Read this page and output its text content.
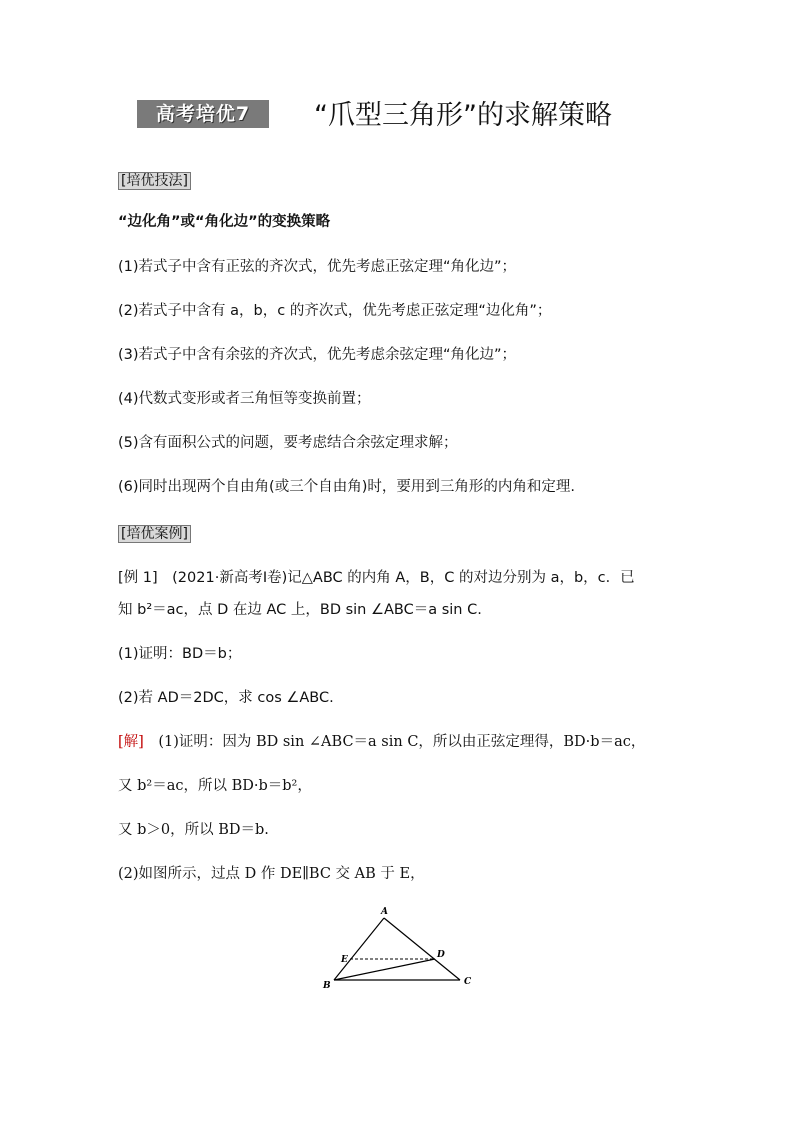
高考培优7	“爪型三角形”的求解策略
[培优技法]
“边化角”或“角化边”的变换策略
(1)若式子中含有正弦的齐次式，优先考虑正弦定理“角化边”；
(2)若式子中含有 a，b，c 的齐次式，优先考虑正弦定理“边化角”；
(3)若式子中含有余弦的齐次式，优先考虑余弦定理“角化边”；
(4)代数式变形或者三角恒等变换前置；
(5)含有面积公式的问题，要考虑结合余弦定理求解；
(6)同时出现两个自由角(或三个自由角)时，要用到三角形的内角和定理.
[培优案例]
[例 1]　(2021·新高考Ⅰ卷)记△ABC 的内角 A，B，C 的对边分别为 a，b，c．已
知 b²＝ac，点 D 在边 AC 上，BD sin ∠ABC＝a sin C.
(1)证明：BD＝b；
(2)若 AD＝2DC，求 cos ∠ABC.
[解]　(1)证明：因为 BD sin ∠ABC＝a sin C，所以由正弦定理得，BD·b＝ac，
又 b²＝ac，所以 BD·b＝b²，
又 b＞0，所以 BD＝b.
(2)如图所示，过点 D 作 DE∥BC 交 AB 于 E，
A
B	C
D
E
